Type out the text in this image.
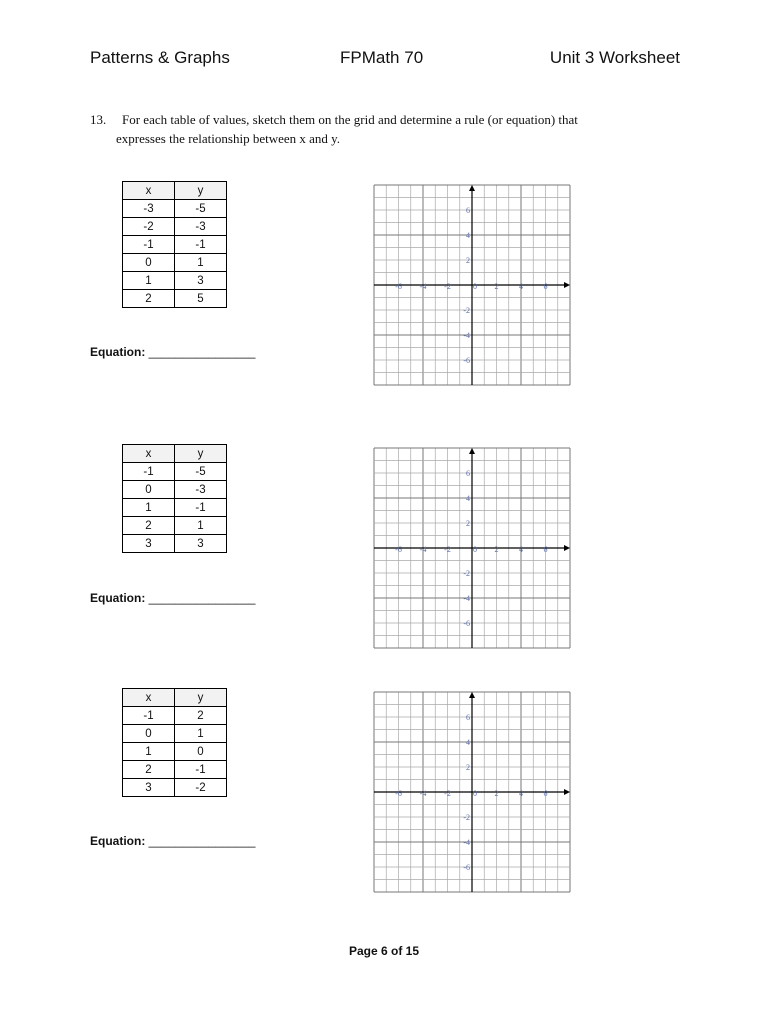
Patterns & Graphs	FPMath 70	Unit 3 Worksheet
13. For each table of values, sketch them on the grid and determine a rule (or equation) that
expresses the relationship between x and y.
x	y
-3	-5
-2	-3
-1	-1
0	1
1	3
2	5
Equation: ________________
-6 -4 -2	0 2	4	6
6
4
2
-2
-4
-6
x	y
-1	-5
0	-3
1	-1
2	1
3	3
Equation: ________________
-6 -4 -2	0 2	4	6
6
4
2
-2
-4
-6
x	y
-1	2
0	1
1	0
2	-1
3	-2
Equation: ________________
-6 -4 -2	0 2	4	6
6
4
2
-2
-4
-6
Page 6 of 15
